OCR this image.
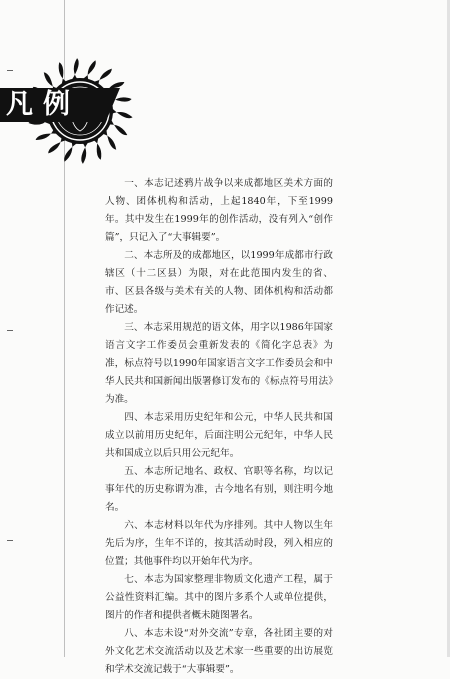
凡例

一、本志记述鸦片战争以来成都地区美术方面的人物、团体机构和活动，上起1840年，下至1999年。其中发生在1999年的创作活动，没有列入“创作篇”，只记入了“大事辑要”。

二、本志所及的成都地区，以1999年成都市行政辖区（十二区县）为限，对在此范围内发生的省、市、区县各级与美术有关的人物、团体机构和活动都作记述。

三、本志采用规范的语文体，用字以1986年国家语言文字工作委员会重新发表的《简化字总表》为准，标点符号以1990年国家语言文字工作委员会和中华人民共和国新闻出版署修订发布的《标点符号用法》为准。

四、本志采用历史纪年和公元，中华人民共和国成立以前用历史纪年，后面注明公元纪年，中华人民共和国成立以后只用公元纪年。

五、本志所记地名、政权、官职等名称，均以记事年代的历史称谓为准，古今地名有别，则注明今地名。

六、本志材料以年代为序排列。其中人物以生年先后为序，生年不详的，按其活动时段，列入相应的位置；其他事件均以开始年代为序。

七、本志为国家整理非物质文化遗产工程，属于公益性资料汇编。其中的图片多系个人或单位提供，图片的作者和提供者概未随图署名。

八、本志未设“对外交流”专章，各社团主要的对外文化艺术交流活动以及艺术家一些重要的出访展览和学术交流记载于“大事辑要”。
